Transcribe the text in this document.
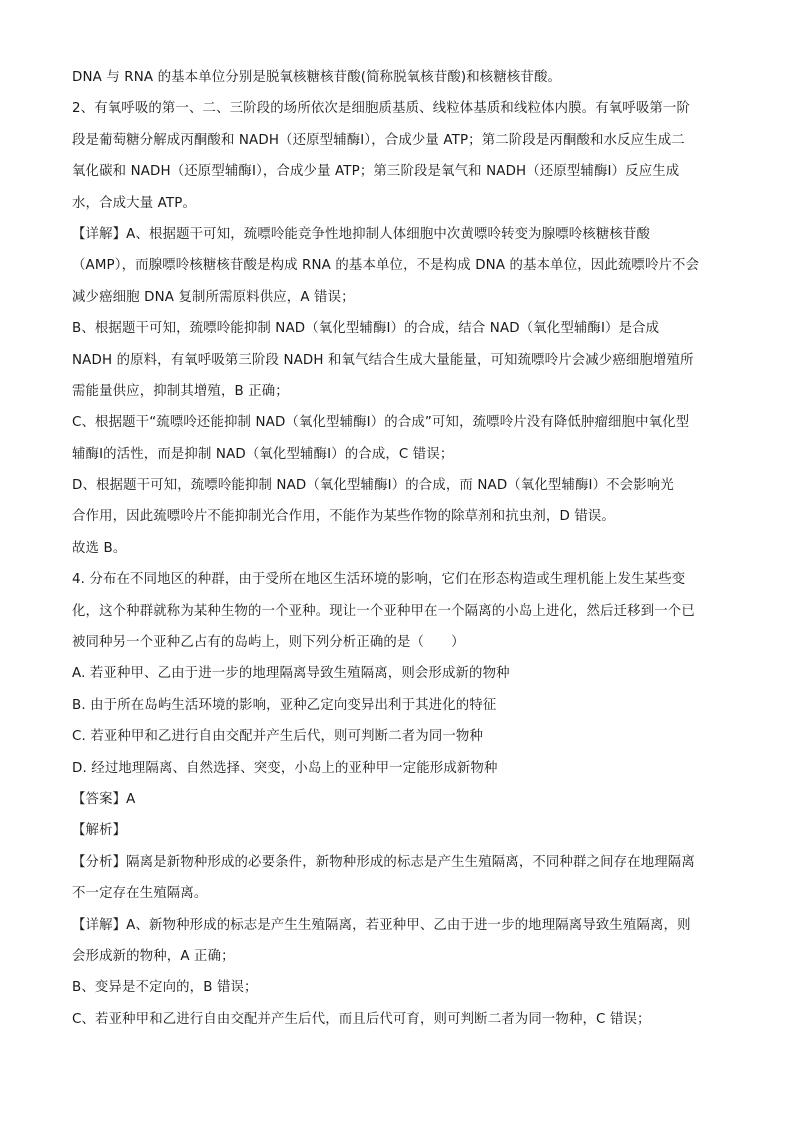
DNA 与 RNA 的基本单位分别是脱氧核糖核苷酸(简称脱氧核苷酸)和核糖核苷酸。
2、有氧呼吸的第一、二、三阶段的场所依次是细胞质基质、线粒体基质和线粒体内膜。有氧呼吸第一阶
段是葡萄糖分解成丙酮酸和 NADH（还原型辅酶Ⅰ），合成少量 ATP；第二阶段是丙酮酸和水反应生成二
氧化碳和 NADH（还原型辅酶Ⅰ），合成少量 ATP；第三阶段是氧气和 NADH（还原型辅酶Ⅰ）反应生成
水，合成大量 ATP。
【详解】A、根据题干可知，巯嘌呤能竞争性地抑制人体细胞中次黄嘌呤转变为腺嘌呤核糖核苷酸
（AMP），而腺嘌呤核糖核苷酸是构成 RNA 的基本单位，不是构成 DNA 的基本单位，因此巯嘌呤片不会
减少癌细胞 DNA 复制所需原料供应，A 错误；
B、根据题干可知，巯嘌呤能抑制 NAD（氧化型辅酶Ⅰ）的合成，结合 NAD（氧化型辅酶Ⅰ）是合成
NADH 的原料，有氧呼吸第三阶段 NADH 和氧气结合生成大量能量，可知巯嘌呤片会减少癌细胞增殖所
需能量供应，抑制其增殖，B 正确；
C、根据题干“巯嘌呤还能抑制 NAD（氧化型辅酶Ⅰ）的合成”可知，巯嘌呤片没有降低肿瘤细胞中氧化型
辅酶Ⅰ的活性，而是抑制 NAD（氧化型辅酶Ⅰ）的合成，C 错误；
D、根据题干可知，巯嘌呤能抑制 NAD（氧化型辅酶Ⅰ）的合成，而 NAD（氧化型辅酶Ⅰ）不会影响光
合作用，因此巯嘌呤片不能抑制光合作用，不能作为某些作物的除草剂和抗虫剂，D 错误。
故选 B。
4. 分布在不同地区的种群，由于受所在地区生活环境的影响，它们在形态构造或生理机能上发生某些变
化，这个种群就称为某种生物的一个亚种。现让一个亚种甲在一个隔离的小岛上进化，然后迁移到一个已
被同种另一个亚种乙占有的岛屿上，则下列分析正确的是（　　）
A. 若亚种甲、乙由于进一步的地理隔离导致生殖隔离，则会形成新的物种
B. 由于所在岛屿生活环境的影响，亚种乙定向变异出利于其进化的特征
C. 若亚种甲和乙进行自由交配并产生后代，则可判断二者为同一物种
D. 经过地理隔离、自然选择、突变，小岛上的亚种甲一定能形成新物种
【答案】A
【解析】
【分析】隔离是新物种形成的必要条件，新物种形成的标志是产生生殖隔离，不同种群之间存在地理隔离
不一定存在生殖隔离。
【详解】A、新物种形成的标志是产生生殖隔离，若亚种甲、乙由于进一步的地理隔离导致生殖隔离，则
会形成新的物种，A 正确；
B、变异是不定向的，B 错误；
C、若亚种甲和乙进行自由交配并产生后代，而且后代可育，则可判断二者为同一物种，C 错误；
